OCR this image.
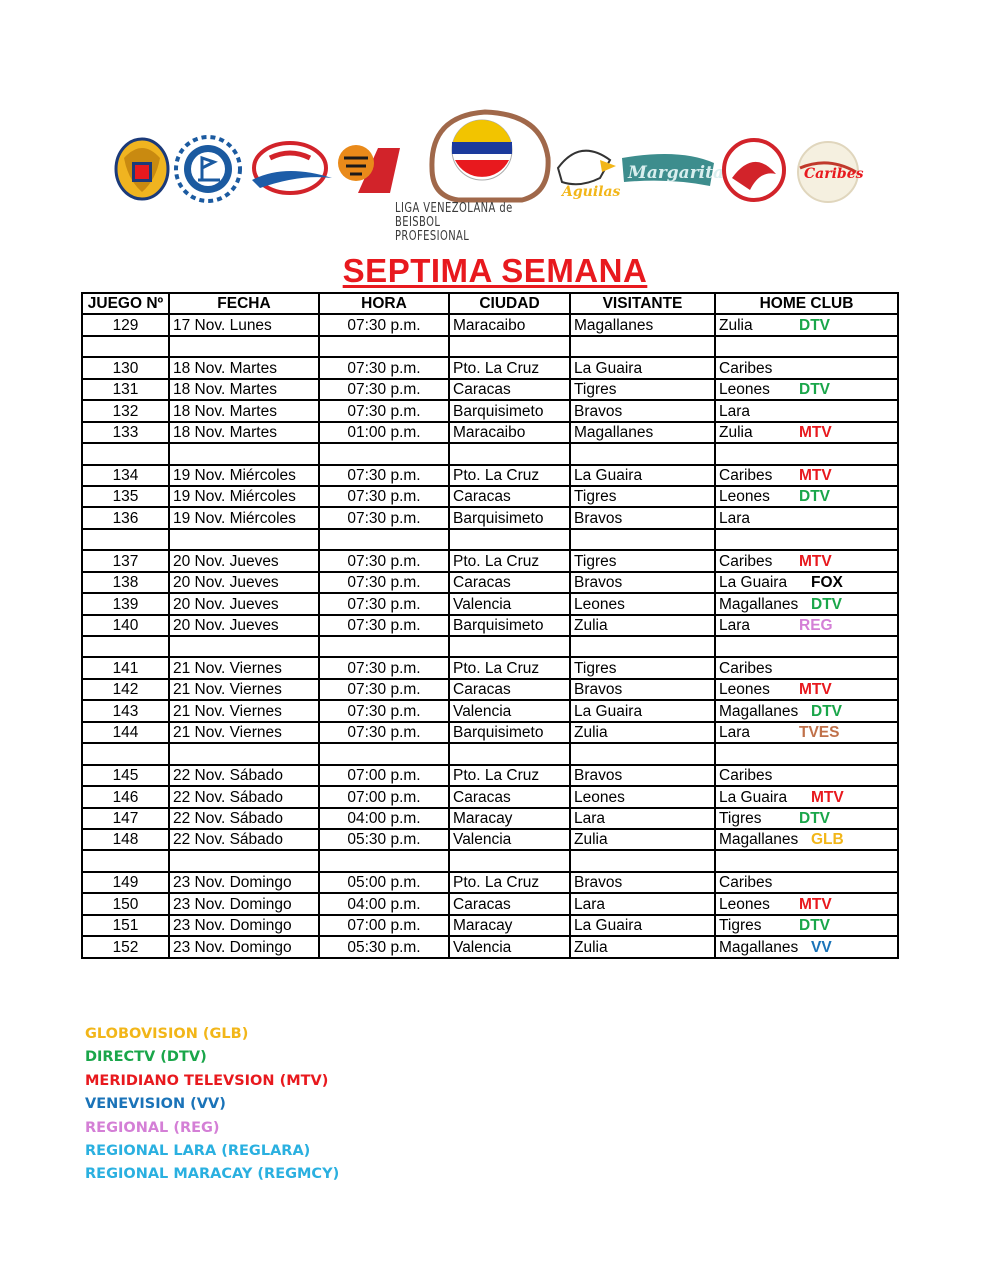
Aguilas
Margarita	Caribes
LIGA VENEZOLANA de
BEISBOL PROFESIONAL
SEPTIMA SEMANA
JUEGO Nº	FECHA	HORA	CIUDAD	VISITANTE	HOME CLUB
129	17 Nov. Lunes	07:30 p.m.	Maracaibo	Magallanes	Zulia DTV

130	18 Nov. Martes	07:30 p.m.	Pto. La Cruz	La Guaira	Caribes
131	18 Nov. Martes	07:30 p.m.	Caracas	Tigres	Leones DTV
132	18 Nov. Martes	07:30 p.m.	Barquisimeto	Bravos	Lara
133	18 Nov. Martes	01:00 p.m.	Maracaibo	Magallanes	Zulia MTV

134	19 Nov. Miércoles	07:30 p.m.	Pto. La Cruz	La Guaira	Caribes MTV
135	19 Nov. Miércoles	07:30 p.m.	Caracas	Tigres	Leones DTV
136	19 Nov. Miércoles	07:30 p.m.	Barquisimeto	Bravos	Lara

137	20 Nov. Jueves	07:30 p.m.	Pto. La Cruz	Tigres	Caribes MTV
138	20 Nov. Jueves	07:30 p.m.	Caracas	Bravos	La Guaira FOX
139	20 Nov. Jueves	07:30 p.m.	Valencia	Leones	Magallanes DTV
140	20 Nov. Jueves	07:30 p.m.	Barquisimeto	Zulia	Lara REG

141	21 Nov. Viernes	07:30 p.m.	Pto. La Cruz	Tigres	Caribes
142	21 Nov. Viernes	07:30 p.m.	Caracas	Bravos	Leones MTV
143	21 Nov. Viernes	07:30 p.m.	Valencia	La Guaira	Magallanes DTV
144	21 Nov. Viernes	07:30 p.m.	Barquisimeto	Zulia	Lara TVES

145	22 Nov. Sábado	07:00 p.m.	Pto. La Cruz	Bravos	Caribes
146	22 Nov. Sábado	07:00 p.m.	Caracas	Leones	La Guaira MTV
147	22 Nov. Sábado	04:00 p.m.	Maracay	Lara	Tigres DTV
148	22 Nov. Sábado	05:30 p.m.	Valencia	Zulia	Magallanes GLB

149	23 Nov. Domingo	05:00 p.m.	Pto. La Cruz	Bravos	Caribes
150	23 Nov. Domingo	04:00 p.m.	Caracas	Lara	Leones MTV
151	23 Nov. Domingo	07:00 p.m.	Maracay	La Guaira	Tigres DTV
152	23 Nov. Domingo	05:30 p.m.	Valencia	Zulia	Magallanes VV
GLOBOVISION (GLB)
DIRECTV (DTV)
MERIDIANO TELEVSION (MTV)
VENEVISION (VV)
REGIONAL (REG)
REGIONAL LARA (REGLARA)
REGIONAL MARACAY (REGMCY)
